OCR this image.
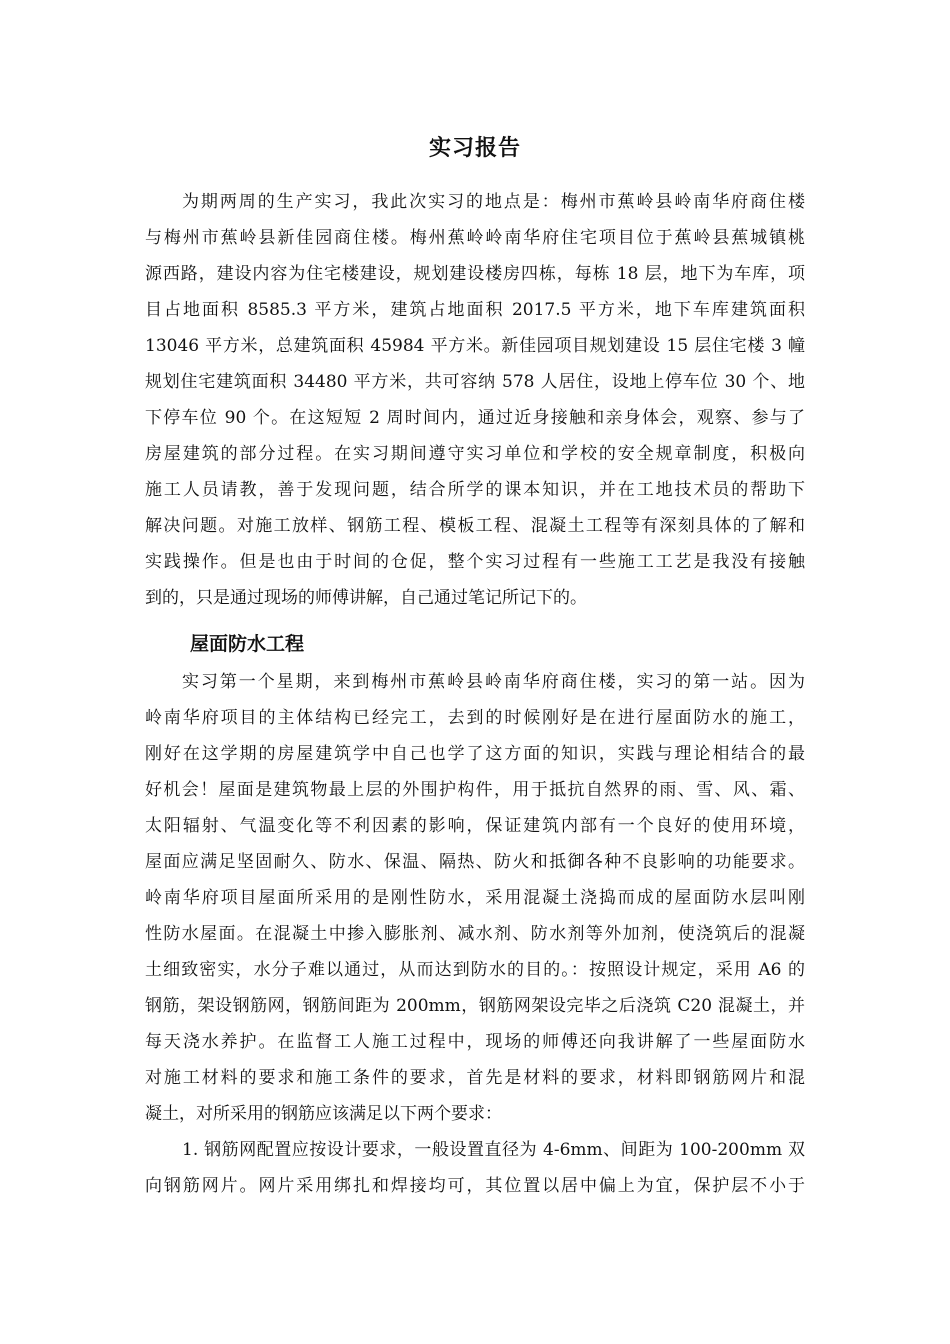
实习报告
为期两周的生产实习，我此次实习的地点是：梅州市蕉岭县岭南华府商住楼
与梅州市蕉岭县新佳园商住楼。梅州蕉岭岭南华府住宅项目位于蕉岭县蕉城镇桃
源西路，建设内容为住宅楼建设，规划建设楼房四栋，每栋 18 层，地下为车库，项
目占地面积 8585.3 平方米，建筑占地面积 2017.5 平方米，地下车库建筑面积
13046 平方米，总建筑面积 45984 平方米。新佳园项目规划建设 15 层住宅楼 3 幢
规划住宅建筑面积 34480 平方米，共可容纳 578 人居住，设地上停车位 30 个、地
下停车位 90 个。在这短短 2 周时间内，通过近身接触和亲身体会，观察、参与了
房屋建筑的部分过程。在实习期间遵守实习单位和学校的安全规章制度，积极向
施工人员请教，善于发现问题，结合所学的课本知识，并在工地技术员的帮助下
解决问题。对施工放样、钢筋工程、模板工程、混凝土工程等有深刻具体的了解和
实践操作。但是也由于时间的仓促，整个实习过程有一些施工工艺是我没有接触
到的，只是通过现场的师傅讲解，自己通过笔记所记下的。
屋面防水工程
实习第一个星期，来到梅州市蕉岭县岭南华府商住楼，实习的第一站。因为
岭南华府项目的主体结构已经完工，去到的时候刚好是在进行屋面防水的施工，
刚好在这学期的房屋建筑学中自己也学了这方面的知识，实践与理论相结合的最
好机会！屋面是建筑物最上层的外围护构件，用于抵抗自然界的雨、雪、风、霜、
太阳辐射、气温变化等不利因素的影响，保证建筑内部有一个良好的使用环境，
屋面应满足坚固耐久、防水、保温、隔热、防火和抵御各种不良影响的功能要求。
岭南华府项目屋面所采用的是刚性防水，采用混凝土浇捣而成的屋面防水层叫刚
性防水屋面。在混凝土中掺入膨胀剂、减水剂、防水剂等外加剂，使浇筑后的混凝
土细致密实，水分子难以通过，从而达到防水的目的。：按照设计规定，采用 A6 的
钢筋，架设钢筋网，钢筋间距为 200mm，钢筋网架设完毕之后浇筑 C20 混凝土，并
每天浇水养护。在监督工人施工过程中，现场的师傅还向我讲解了一些屋面防水
对施工材料的要求和施工条件的要求，首先是材料的要求，材料即钢筋网片和混
凝土，对所采用的钢筋应该满足以下两个要求：
1. 钢筋网配置应按设计要求，一般设置直径为 4-6mm、间距为 100-200mm 双
向钢筋网片。网片采用绑扎和焊接均可，其位置以居中偏上为宜，保护层不小于
